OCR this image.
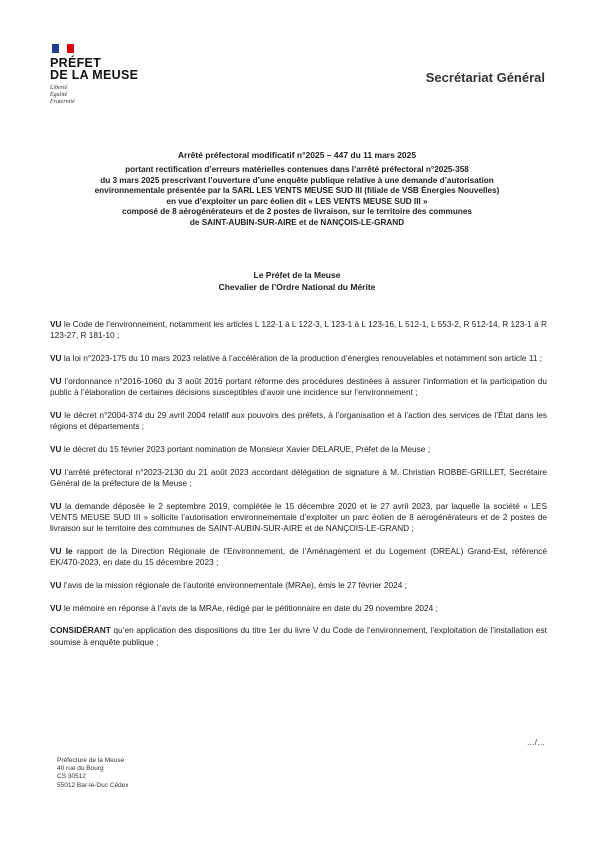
PRÉFET
DE LA MEUSE
Liberté
Égalité
Fraternité
Secrétariat Général
Arrêté préfectoral modificatif n°2025 – 447 du 11 mars 2025
portant rectification d’erreurs matérielles contenues dans l’arrêté préfectoral n°2025-358
du 3 mars 2025 prescrivant l’ouverture d’une enquête publique relative à une demande d’autorisation
environnementale présentée par la SARL LES VENTS MEUSE SUD III (filiale de VSB Énergies Nouvelles)
en vue d’exploiter un parc éolien dit « LES VENTS MEUSE SUD III »
composé de 8 aérogénérateurs et de 2 postes de livraison, sur le territoire des communes
de SAINT-AUBIN-SUR-AIRE et de NANÇOIS-LE-GRAND
Le Préfet de la Meuse
Chevalier de l’Ordre National du Mérite

VU le Code de l’environnement, notamment les articles L 122-1 à L 122-3, L 123-1 à L 123-16, L 512-1, L 553-2, R 512-14, R 123-1 à R 123-27, R 181-10 ;

VU la loi n°2023-175 du 10 mars 2023 relative à l’accélération de la production d’énergies renouvelables et notamment son article 11 ;

VU l’ordonnance n°2016-1060 du 3 août 2016 portant réforme des procédures destinées à assurer l’information et la participation du public à l’élaboration de certaines décisions susceptibles d’avoir une incidence sur l’environnement ;

VU le décret n°2004-374 du 29 avril 2004 relatif aux pouvoirs des préfets, à l’organisation et à l’action des services de l’État dans les régions et départements ;

VU le décret du 15 février 2023 portant nomination de Monsieur Xavier DELARUE, Préfet de la Meuse ;

VU l’arrêté préfectoral n°2023-2130 du 21 août 2023 accordant délégation de signature à M. Christian ROBBE-GRILLET, Secrétaire Général de la préfecture de la Meuse ;

VU la demande déposée le 2 septembre 2019, complétée le 15 décembre 2020 et le 27 avril 2023, par laquelle la société « LES VENTS MEUSE SUD III » sollicite l’autorisation environnementale d’exploiter un parc éolien de 8 aérogénérateurs et de 2 postes de livraison sur le territoire des communes de SAINT-AUBIN-SUR-AIRE et de NANÇOIS-LE-GRAND ;

VU le rapport de la Direction Régionale de l’Environnement, de l’Aménagement et du Logement (DREAL) Grand-Est, référencé EK/470-2023, en date du 15 décembre 2023 ;

VU l’avis de la mission régionale de l’autorité environnementale (MRAe), émis le 27 février 2024 ;

VU le mémoire en réponse à l’avis de la MRAe, rédigé par le pétitionnaire en date du 29 novembre 2024 ;

CONSIDÉRANT qu’en application des dispositions du titre 1er du livre V du Code de l’environnement, l’exploitation de l’installation est soumise à enquête publique ;

…/…
Préfecture de la Meuse
40 rue du Bourg
CS 30512
55012 Bar-le-Duc Cédex
